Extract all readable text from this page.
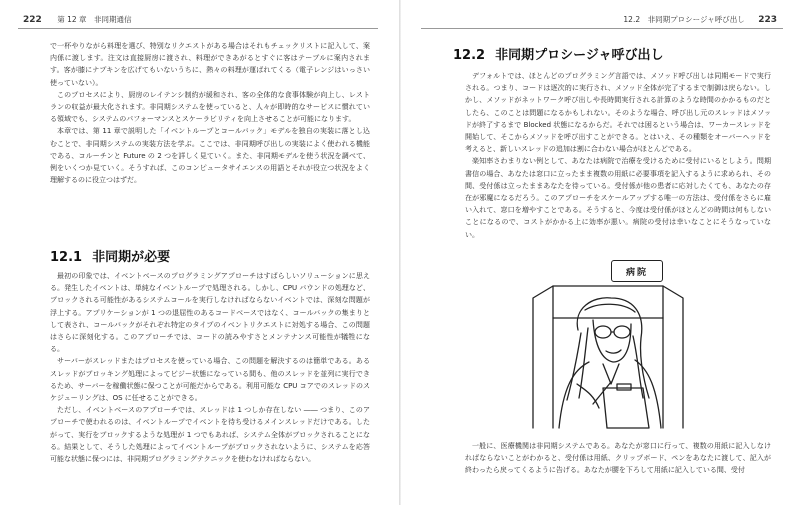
222 第 12 章　非同期通信

で一杯やりながら料理を選び、特別なリクエストがある場合はそれもチェックリストに記入して、案内係に渡します。注文は直接厨房に渡され、料理ができあがるとすぐに客はテーブルに案内されます。客が膝にナプキンを広げてもいないうちに、熱々の料理が運ばれてくる（電子レンジはいっさい使っていない）。

このプロセスにより、厨房のレイテンシ制約が緩和され、客の全体的な食事体験が向上し、レストランの収益が最大化されます。非同期システムを使っていると、人々が即時的なサービスに慣れている領域でも、システムのパフォーマンスとスケーラビリティを向上させることが可能になります。

本章では、第 11 章で説明した「イベントループとコールバック」モデルを独自の実装に落とし込むことで、非同期システムの実装方法を学ぶ。ここでは、非同期呼び出しの実装によく使われる機能である、コルーチンと Future の 2 つを詳しく見ていく。また、非同期モデルを使う状況を調べて、例をいくつか見ていく。そうすれば、このコンピュータサイエンスの用語とそれが役立つ状況をよく理解するのに役立つはずだ。

12.1 非同期が必要

最初の印象では、イベントベースのプログラミングアプローチはすばらしいソリューションに思える。発生したイベントは、単純なイベントループで処理される。しかし、CPU バウンドの処理など、ブロックされる可能性があるシステムコールを実行しなければならないイベントでは、深刻な問題が浮上する。アプリケーションが 1 つの退屈性のあるコードベースではなく、コールバックの集まりとして表され、コールバックがそれぞれ特定のタイプのイベントリクエストに対処する場合、この問題はさらに深刻化する。このアプローチでは、コードの読みやすさとメンテナンス可能性が犠牲になる。

サーバーがスレッドまたはプロセスを使っている場合、この問題を解決するのは簡単である。あるスレッドがブロッキング処理によってビジー状態になっている間も、他のスレッドを並列に実行できるため、サーバーを稼働状態に保つことが可能だからである。利用可能な CPU コアでのスレッドのスケジューリングは、OS に任せることができる。

ただし、イベントベースのアプローチでは、スレッドは 1 つしか存在しない ―― つまり、このアプローチで使われるのは、イベントループでイベントを待ち受けるメインスレッドだけである。したがって、実行をブロックするような処理が 1 つでもあれば、システム全体がブロックされることになる。結果として、そうした処理によってイベントループがブロックされないように、システムを応答可能な状態に保つには、非同期プログラミングテクニックを使わなければならない。

12.2　非同期プロシージャ呼び出し 223
12.2 非同期プロシージャ呼び出し

デフォルトでは、ほとんどのプログラミング言語では、メソッド呼び出しは同期モードで実行される。つまり、コードは逐次的に実行され、メソッド全体が完了するまで制御は戻らない。しかし、メソッドがネットワーク呼び出しや長時間実行される計算のような時間のかかるものだとしたら、このことは問題になるかもしれない。そのような場合、呼び出し元のスレッドはメソッドが終了するまで Blocked 状態になるからだ。それでは困るという場合は、ワーカースレッドを開始して、そこからメソッドを呼び出すことができる。とはいえ、その種類をオーバーヘッドを考えると、新しいスレッドの追加は割に合わない場合がほとんどである。

楽知率さわまりない例として、あなたは病院で治療を受けるために受付にいるとしよう。問期書信の場合、あなたは窓口に立ったまま複数の用紙に必要事項を記入するように求められ、その間、受付係は立ったままあなたを待っている。受付係が他の患者に応対したくても、あなたの存在が邪魔になるだろう。このアプローチをスケールアップする唯一の方法は、受付係をさらに雇い入れて、窓口を増やすことである。そうすると、今度は受付係がほとんどの時間は何もしないことになるので、コストがかかる上に効率が悪い。病院の受付は幸いなことにそうなっていない。

病院

一般に、医療機関は非同期システムである。あなたが窓口に行って、複数の用紙に記入しなければならないことがわかると、受付係は用紙、クリップボード、ペンをあなたに渡して、記入が終わったら戻ってくるように告げる。あなたが腰を下ろして用紙に記入している間、受付
